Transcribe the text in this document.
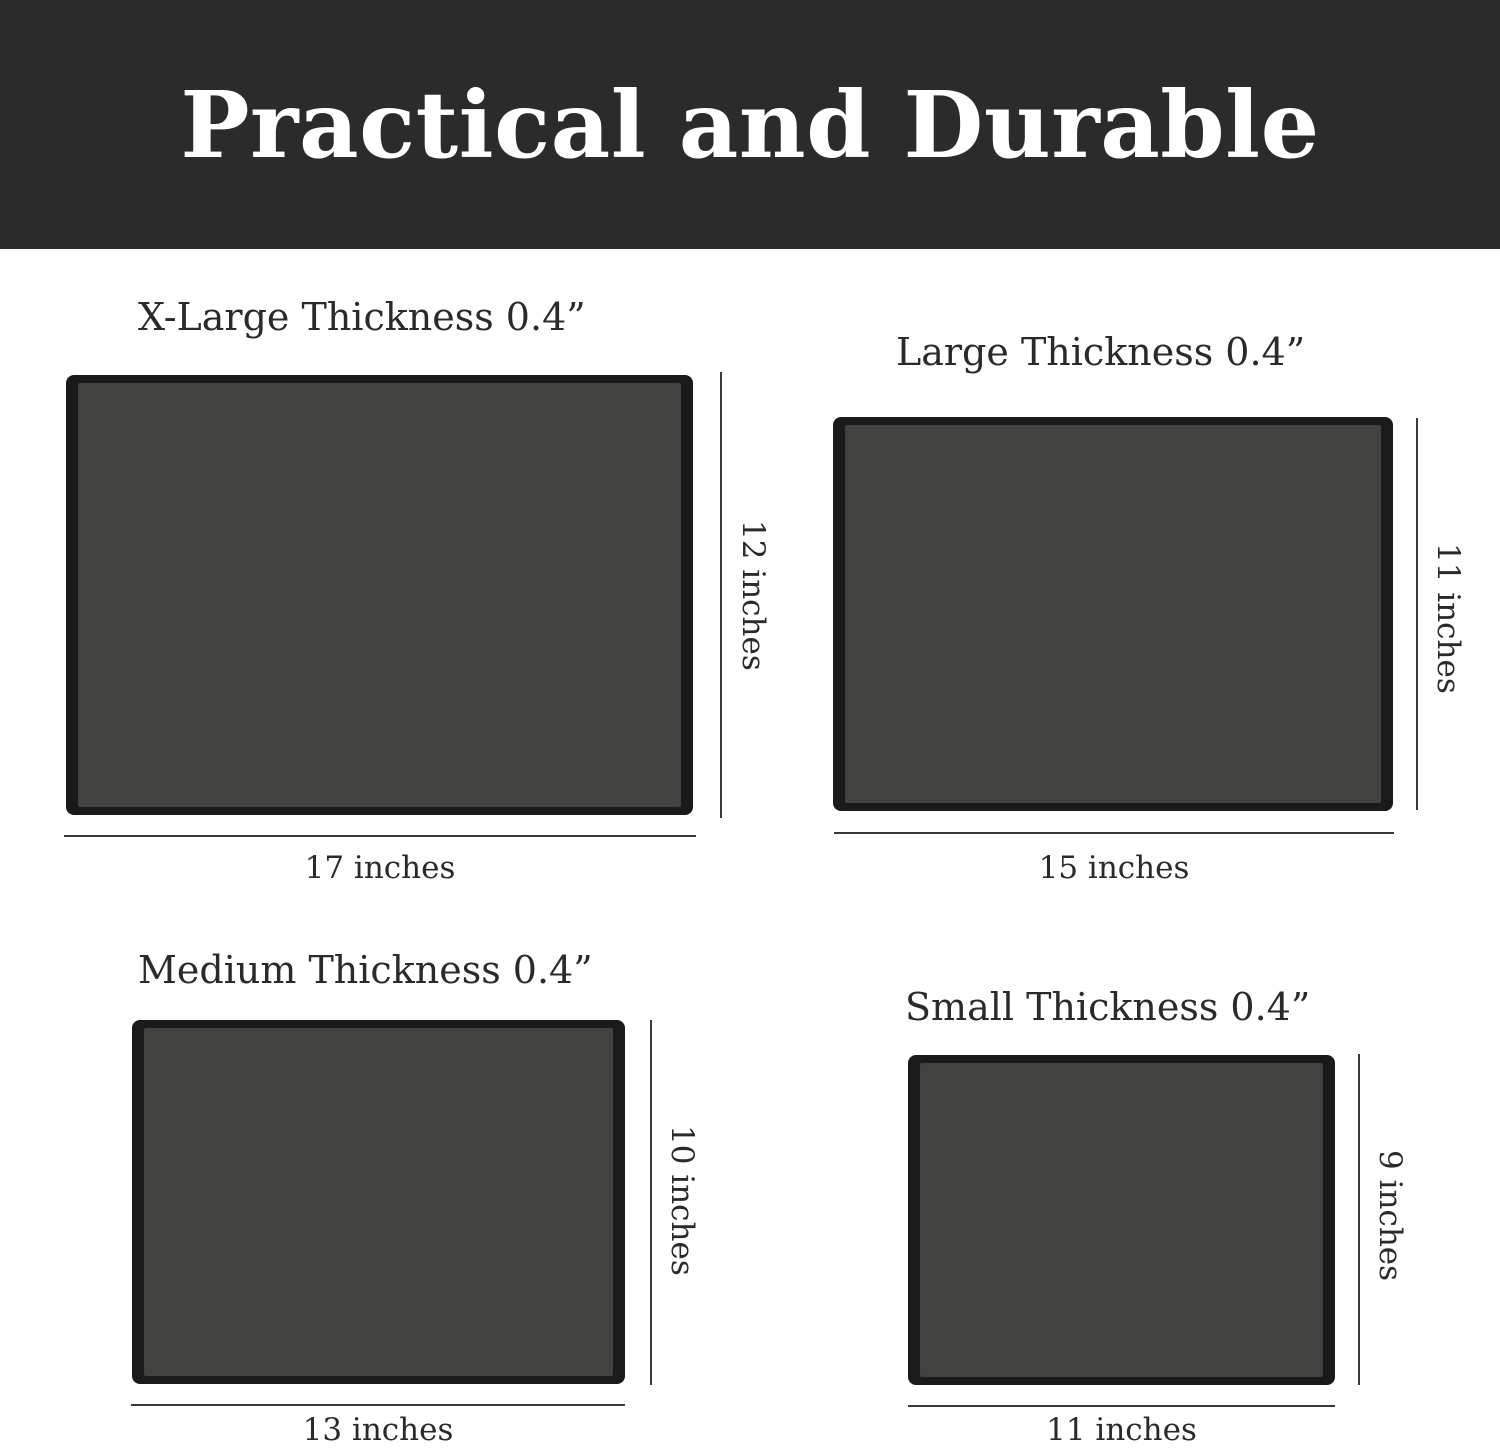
Practical and Durable
X-Large Thickness 0.4”
12 inches
17 inches
Large Thickness 0.4”
11 inches
15 inches
Medium Thickness 0.4”
10 inches
13 inches
Small Thickness 0.4”
9 inches
11 inches
